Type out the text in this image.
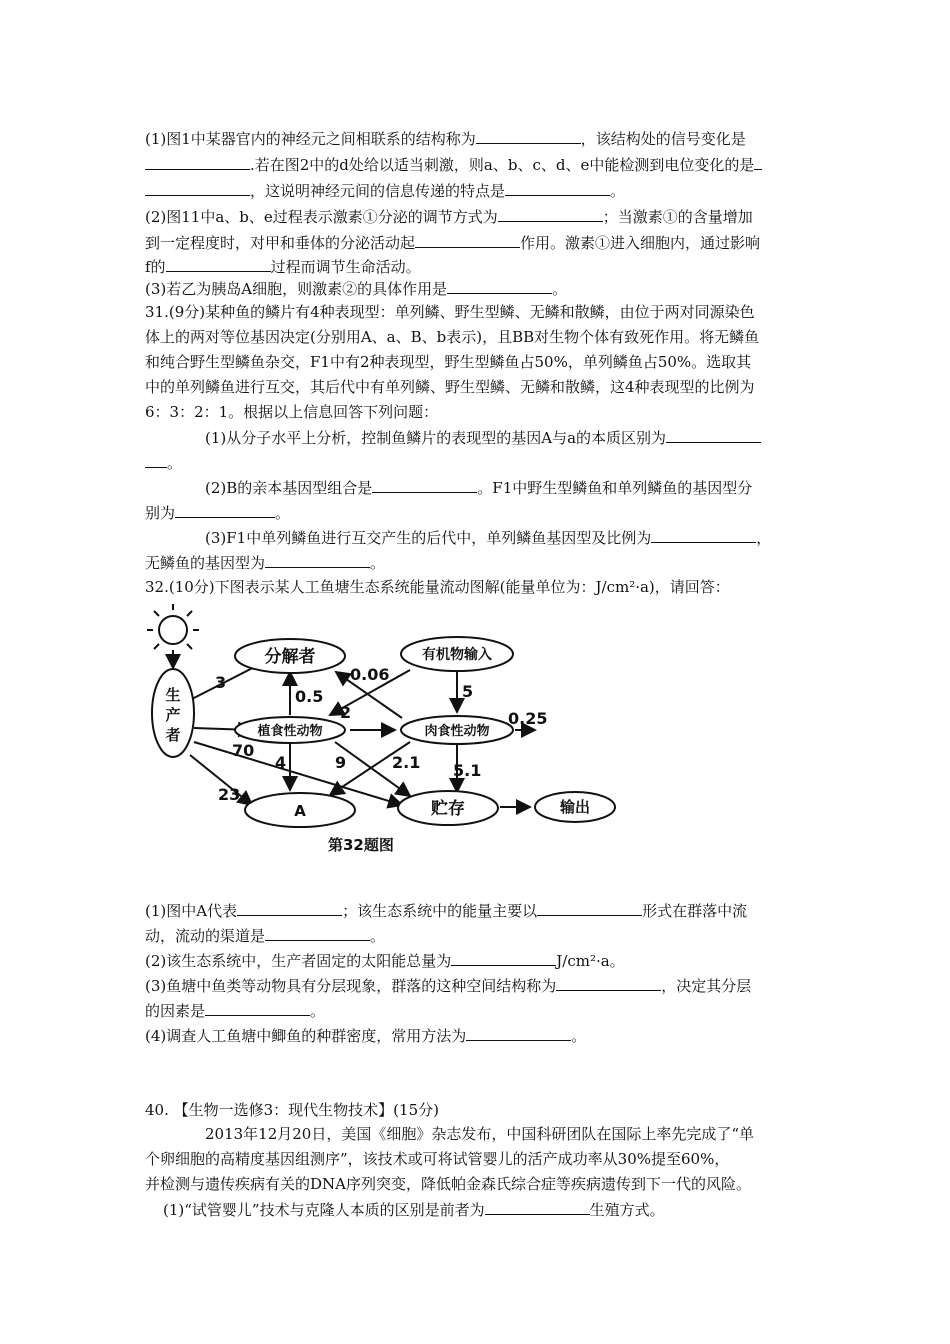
(1)图1中某器官内的神经元之间相联系的结构称为	，该结构处的信号变化是
.若在图2中的d处给以适当刺激，则a、b、c、d、e中能检测到电位变化的是
，这说明神经元间的信息传递的特点是	。
(2)图11中a、b、e过程表示激素①分泌的调节方式为	；当激素①的含量增加
到一定程度时，对甲和垂体的分泌活动起	作用。激素①进入细胞内，通过影响
f的	过程而调节生命活动。
(3)若乙为胰岛A细胞，则激素②的具体作用是	。
31.(9分)某种鱼的鳞片有4种表现型：单列鳞、野生型鳞、无鳞和散鳞，由位于两对同源染色
体上的两对等位基因决定(分别用A、a、B、b表示)，且BB对生物个体有致死作用。将无鳞鱼
和纯合野生型鳞鱼杂交，F1中有2种表现型，野生型鳞鱼占50%，单列鳞鱼占50%。选取其
中的单列鳞鱼进行互交，其后代中有单列鳞、野生型鳞、无鳞和散鳞，这4种表现型的比例为
6：3：2：1。根据以上信息回答下列问题：
(1)从分子水平上分析，控制鱼鳞片的表现型的基因A与a的本质区别为
。
(2)B的亲本基因型组合是	。F1中野生型鳞鱼和单列鳞鱼的基因型分
别为	。
(3)F1中单列鳞鱼进行互交产生的后代中，单列鳞鱼基因型及比例为	，
无鳞鱼的基因型为	。
32.(10分)下图表示某人工鱼塘生态系统能量流动图解(能量单位为：J/cm²·a)，请回答：
生
产
者
分解者	有机物输入
植食性动物	肉食性动物
A	贮存	输出
3	0.06
0.5
2
5
0.25
70
4	9	2.1
23
5.1
第32题图
(1)图中A代表	；该生态系统中的能量主要以	形式在群落中流
动，流动的渠道是	。
(2)该生态系统中，生产者固定的太阳能总量为	J/cm²·a。
(3)鱼塘中鱼类等动物具有分层现象，群落的这种空间结构称为	，决定其分层
的因素是	。
(4)调查人工鱼塘中鲫鱼的种群密度，常用方法为	。
40. 【生物一选修3：现代生物技术】(15分)
2013年12月20日，美国《细胞》杂志发布，中国科研团队在国际上率先完成了“单
个卵细胞的高精度基因组测序”，该技术或可将试管婴儿的活产成功率从30%提至60%，
并检测与遗传疾病有关的DNA序列突变，降低帕金森氏综合症等疾病遗传到下一代的风险。
(1)“试管婴儿”技术与克隆人本质的区别是前者为	生殖方式。
